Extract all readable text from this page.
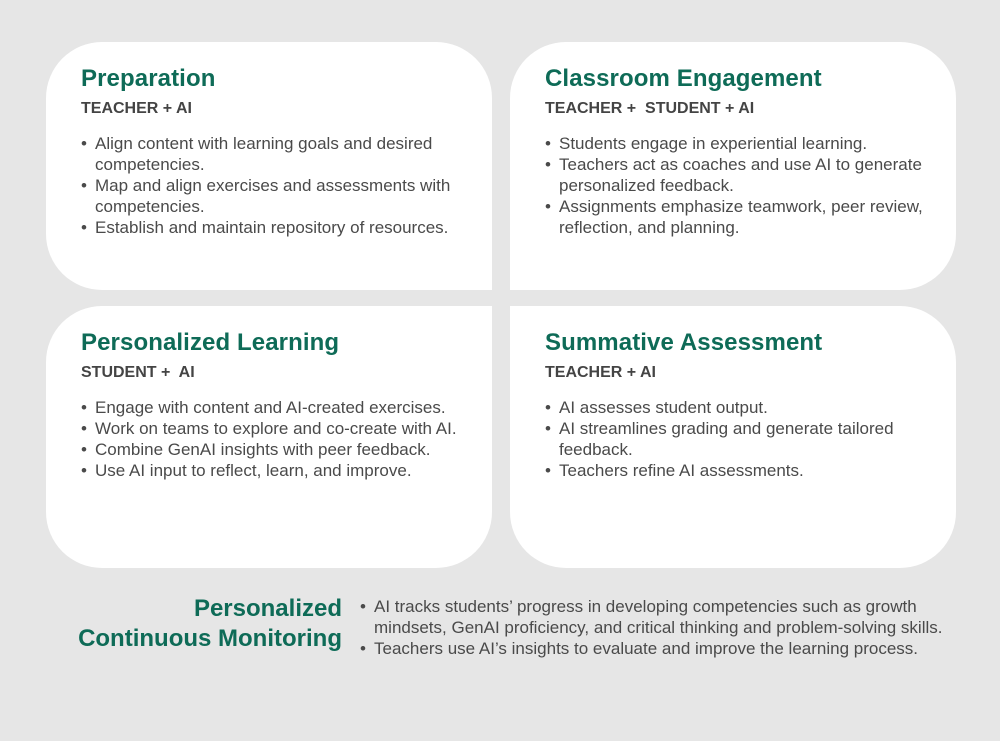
Preparation
TEACHER + AI
• Align content with learning goals and desired competencies.
• Map and align exercises and assessments with competencies.
• Establish and maintain repository of resources.
Classroom Engagement
TEACHER +  STUDENT + AI
• Students engage in experiential learning.
• Teachers act as coaches and use AI to generate personalized feedback.
• Assignments emphasize teamwork, peer review, reflection, and planning.
Personalized Learning
STUDENT +  AI
• Engage with content and AI-created exercises.
• Work on teams to explore and co-create with AI.
• Combine GenAI insights with peer feedback.
• Use AI input to reflect, learn, and improve.
Summative Assessment
TEACHER + AI
• AI assesses student output.
• AI streamlines grading and generate tailored feedback.
• Teachers refine AI assessments.
Personalized
Continuous Monitoring
• AI tracks students’ progress in developing competencies such as growth mindsets, GenAI proficiency, and critical thinking and problem-solving skills.
• Teachers use AI’s insights to evaluate and improve the learning process.
